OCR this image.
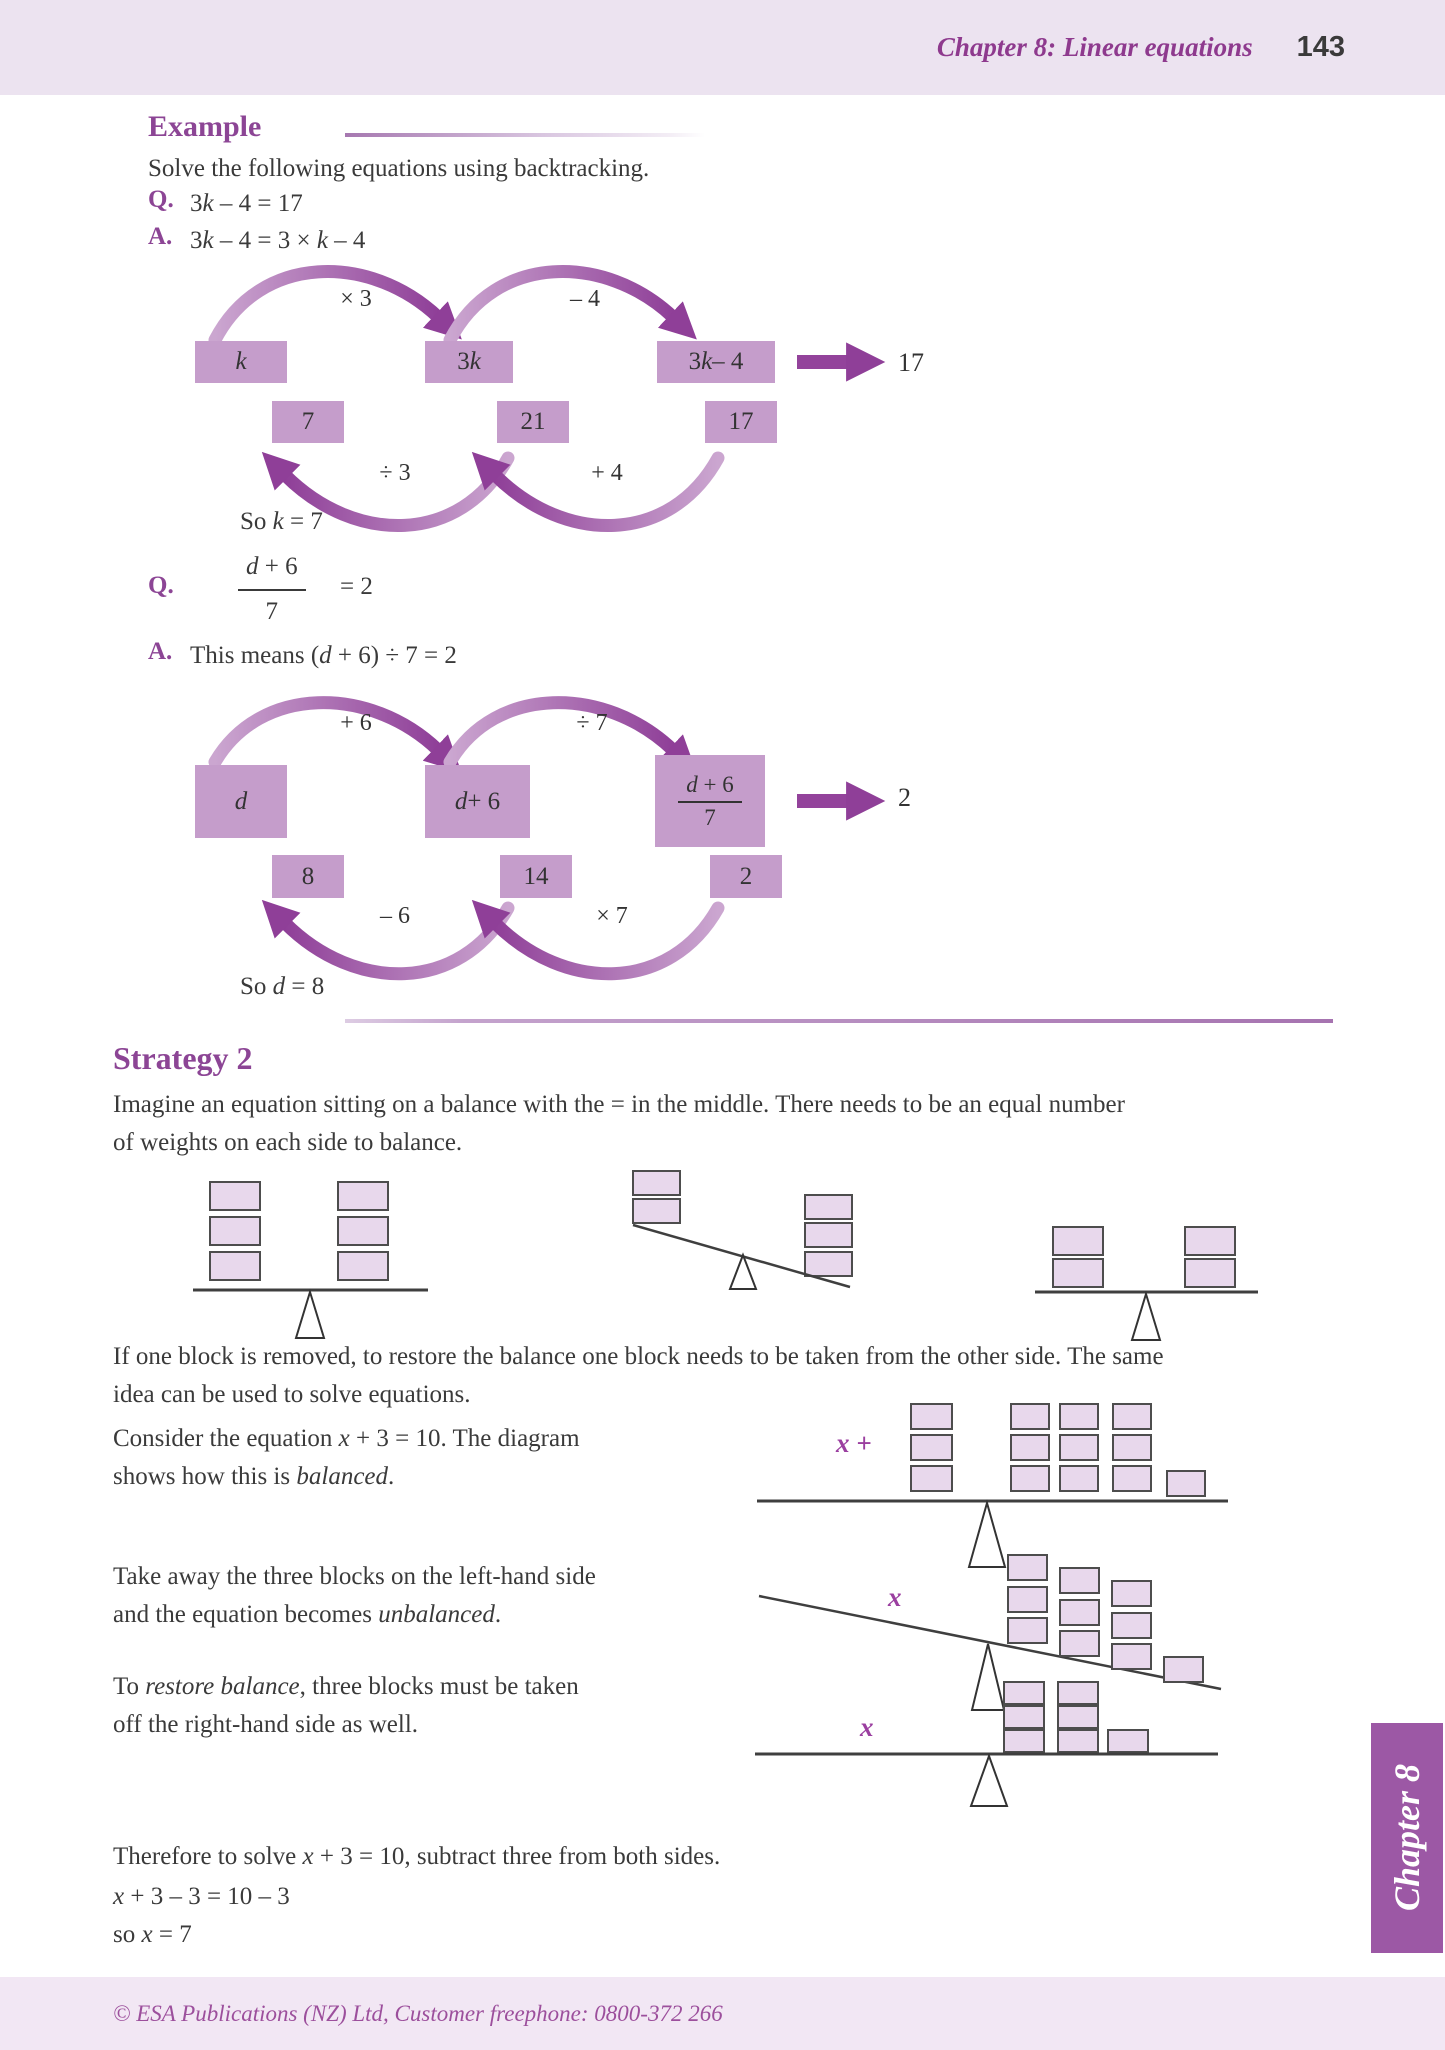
Chapter 8: Linear equations 143
Example
Solve the following equations using backtracking.
Q. 3k – 4 = 17
A. 3k – 4 = 3 × k – 4
× 3	– 4
÷ 3	+ 4
k	3 k	3 k – 4
7	21	17
17
So k = 7
Q.	$\frac{d + 6}{7} = 2$
A. This means (d + 6) ÷ 7 = 2
+ 6	÷ 7
– 6	× 7
d	d + 6	$\frac{d + 6}{7}$
8	14	2
2
So d = 8
Strategy 2
Imagine an equation sitting on a balance with the = in the middle. There needs to be an equal number of weights on each side to balance.
If one block is removed, to restore the balance one block needs to be taken from the other side. The same idea can be used to solve equations.
Consider the equation x + 3 = 10. The diagram shows how this is balanced.
x +
Take away the three blocks on the left-hand side and the equation becomes unbalanced.
x
To restore balance, three blocks must be taken off the right-hand side as well.	x
Therefore to solve x + 3 = 10, subtract three from both sides.
x + 3 – 3 = 10 – 3
so x = 7
Chapter 8
© ESA Publications (NZ) Ltd, Customer freephone: 0800-372 266
